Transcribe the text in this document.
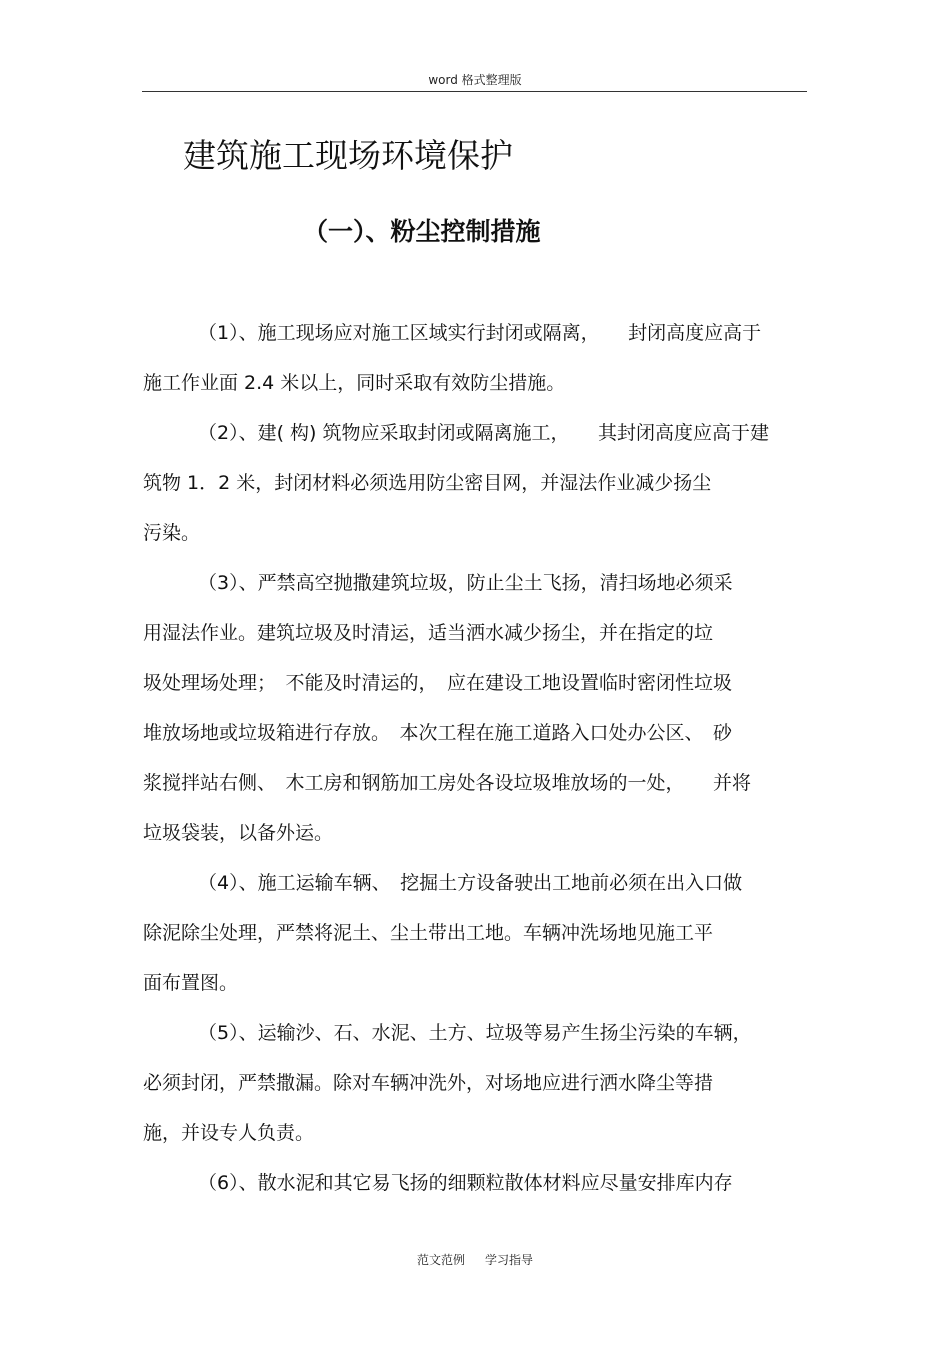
word 格式整理版
建筑施工现场环境保护
（一）、粉尘控制措施

（1）、施工现场应对施工区域实行封闭或隔离，　　封闭高度应高于

施工作业面 2.4 米以上，同时采取有效防尘措施。

（2）、建( 构) 筑物应采取封闭或隔离施工，　　其封闭高度应高于建

筑物 1．2 米，封闭材料必须选用防尘密目网，并湿法作业减少扬尘

污染。

（3）、严禁高空抛撒建筑垃圾，防止尘土飞扬，清扫场地必须采

用湿法作业。建筑垃圾及时清运，适当洒水减少扬尘，并在指定的垃

圾处理场处理；　不能及时清运的，　应在建设工地设置临时密闭性垃圾

堆放场地或垃圾箱进行存放。　本次工程在施工道路入口处办公区、　砂

浆搅拌站右侧、　木工房和钢筋加工房处各设垃圾堆放场的一处，　　并将

垃圾袋装，以备外运。

（4）、施工运输车辆、　挖掘土方设备驶出工地前必须在出入口做

除泥除尘处理，严禁将泥土、尘土带出工地。车辆冲洗场地见施工平

面布置图。

（5）、运输沙、石、水泥、土方、垃圾等易产生扬尘污染的车辆，

必须封闭，严禁撒漏。除对车辆冲洗外，对场地应进行洒水降尘等措

施，并设专人负责。

（6）、散水泥和其它易飞扬的细颗粒散体材料应尽量安排库内存

范文范例 学习指导
